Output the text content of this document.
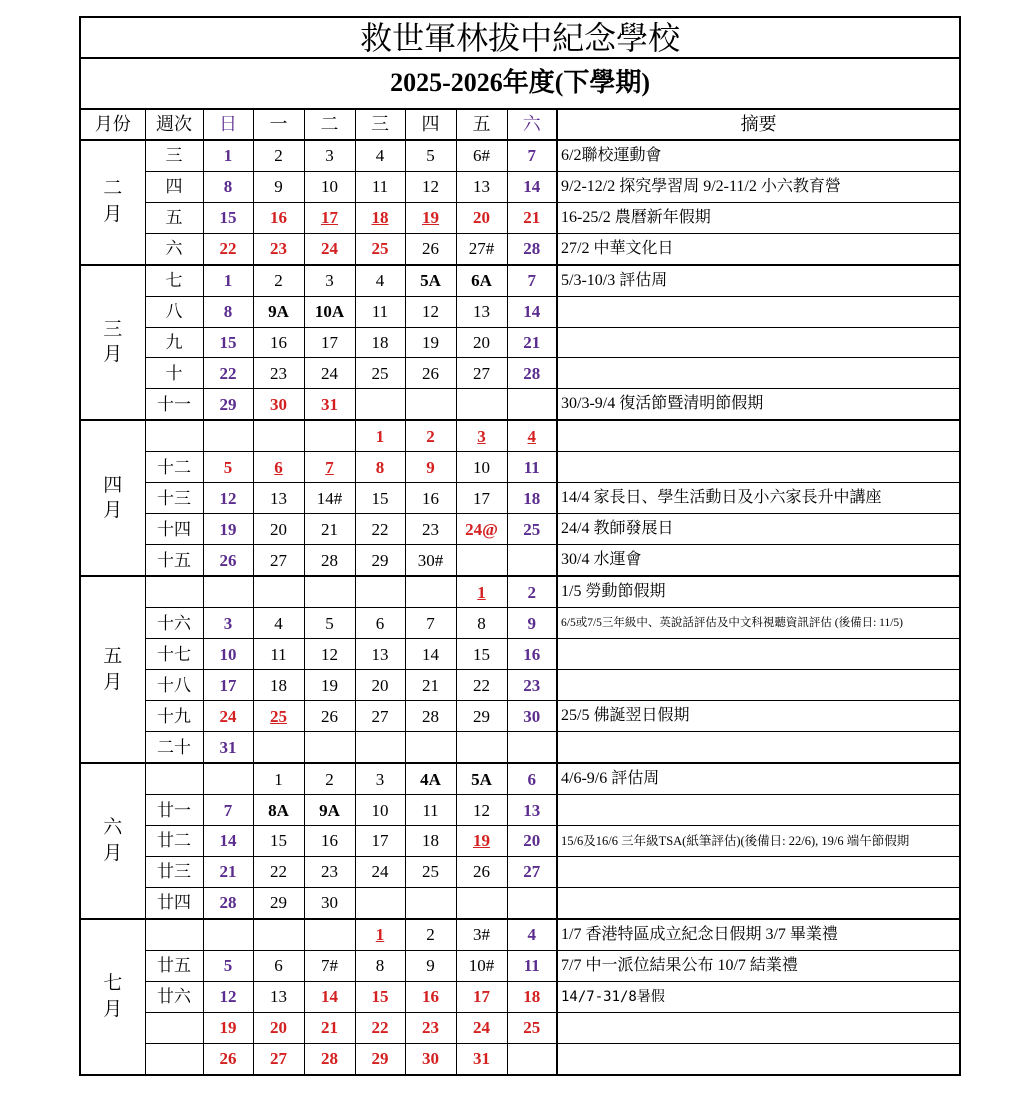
救世軍林拔中紀念學校									
2025-2026年度(下學期)									
月份	週次	日	一	二	三	四	五	六	摘要
二
月	三	1	2	3	4	5	6#	7	6/2聯校運動會
	四	8	9	10	11	12	13	14	9/2-12/2 探究學習周 9/2-11/2 小六教育營
	五	15	16	17	18	19	20	21	16-25/2 農曆新年假期
	六	22	23	24	25	26	27#	28	27/2 中華文化日
三
月	七	1	2	3	4	5A	6A	7	5/3-10/3 評估周
	八	8	9A	10A	11	12	13	14	
	九	15	16	17	18	19	20	21	
	十	22	23	24	25	26	27	28	
	十一	29	30	31					30/3-9/4 復活節暨清明節假期
四
月					1	2	3	4	
	十二	5	6	7	8	9	10	11	
	十三	12	13	14#	15	16	17	18	14/4 家長日、學生活動日及小六家長升中講座
	十四	19	20	21	22	23	24@	25	24/4 教師發展日
	十五	26	27	28	29	30#			30/4 水運會
五
月							1	2	1/5 勞動節假期
	十六	3	4	5	6	7	8	9	6/5或7/5三年級中、英說話評估及中文科視聽資訊評估 (後備日: 11/5)
	十七	10	11	12	13	14	15	16	
	十八	17	18	19	20	21	22	23	
	十九	24	25	26	27	28	29	30	25/5 佛誕翌日假期
	二十	31							
六
月			1	2	3	4A	5A	6	4/6-9/6 評估周
	廿一	7	8A	9A	10	11	12	13	
	廿二	14	15	16	17	18	19	20	15/6及16/6 三年級TSA(紙筆評估)(後備日: 22/6), 19/6 端午節假期
	廿三	21	22	23	24	25	26	27	
	廿四	28	29	30					
七
月					1	2	3#	4	1/7 香港特區成立紀念日假期 3/7 畢業禮
	廿五	5	6	7#	8	9	10#	11	7/7 中一派位結果公布 10/7 結業禮
	廿六	12	13	14	15	16	17	18	14/7-31/8暑假
		19	20	21	22	23	24	25	
		26	27	28	29	30	31		
